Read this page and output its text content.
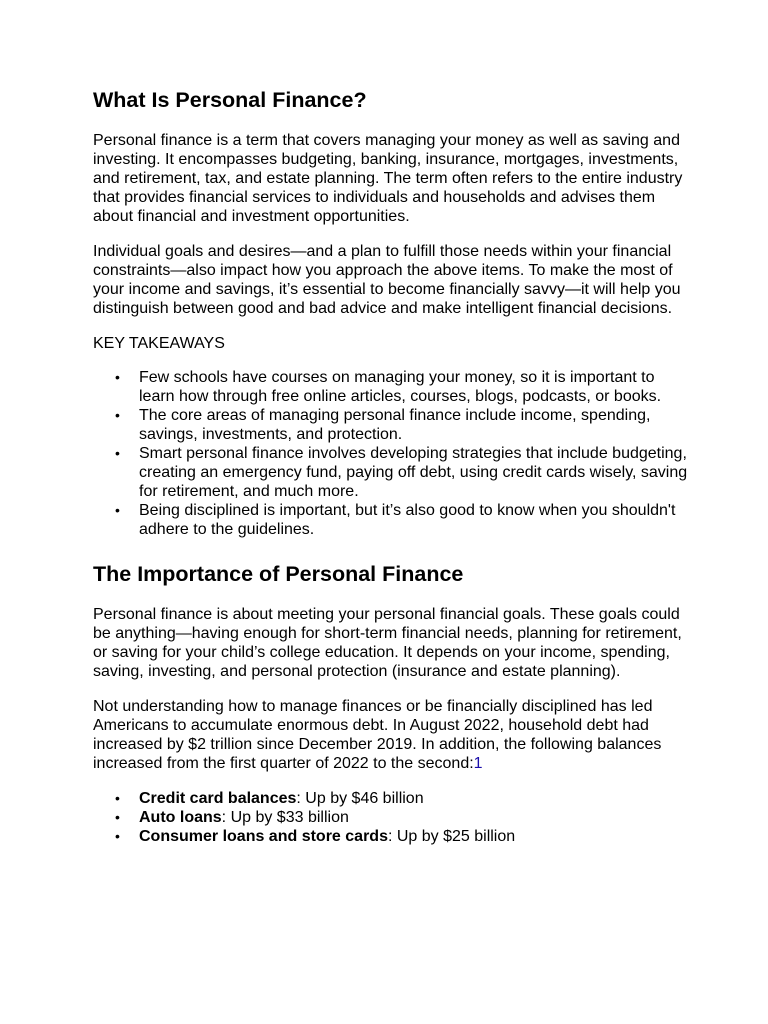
What Is Personal Finance?

Personal finance is a term that covers managing your money as well as saving and investing. It encompasses budgeting, banking, insurance, mortgages, investments, and retirement, tax, and estate planning. The term often refers to the entire industry that provides financial services to individuals and households and advises them about financial and investment opportunities.

Individual goals and desires—and a plan to fulfill those needs within your financial constraints—also impact how you approach the above items. To make the most of your income and savings, it’s essential to become financially savvy—it will help you distinguish between good and bad advice and make intelligent financial decisions.

KEY TAKEAWAYS
• Few schools have courses on managing your money, so it is important to learn how through free online articles, courses, blogs, podcasts, or books.
• The core areas of managing personal finance include income, spending, savings, investments, and protection.
• Smart personal finance involves developing strategies that include budgeting, creating an emergency fund, paying off debt, using credit cards wisely, saving for retirement, and much more.
• Being disciplined is important, but it’s also good to know when you shouldn't adhere to the guidelines.
The Importance of Personal Finance

Personal finance is about meeting your personal financial goals. These goals could be anything—having enough for short-term financial needs, planning for retirement, or saving for your child’s college education. It depends on your income, spending, saving, investing, and personal protection (insurance and estate planning).

Not understanding how to manage finances or be financially disciplined has led Americans to accumulate enormous debt. In August 2022, household debt had increased by $2 trillion since December 2019. In addition, the following balances increased from the first quarter of 2022 to the second:1

• Credit card balances: Up by $46 billion
• Auto loans: Up by $33 billion
• Consumer loans and store cards: Up by $25 billion
